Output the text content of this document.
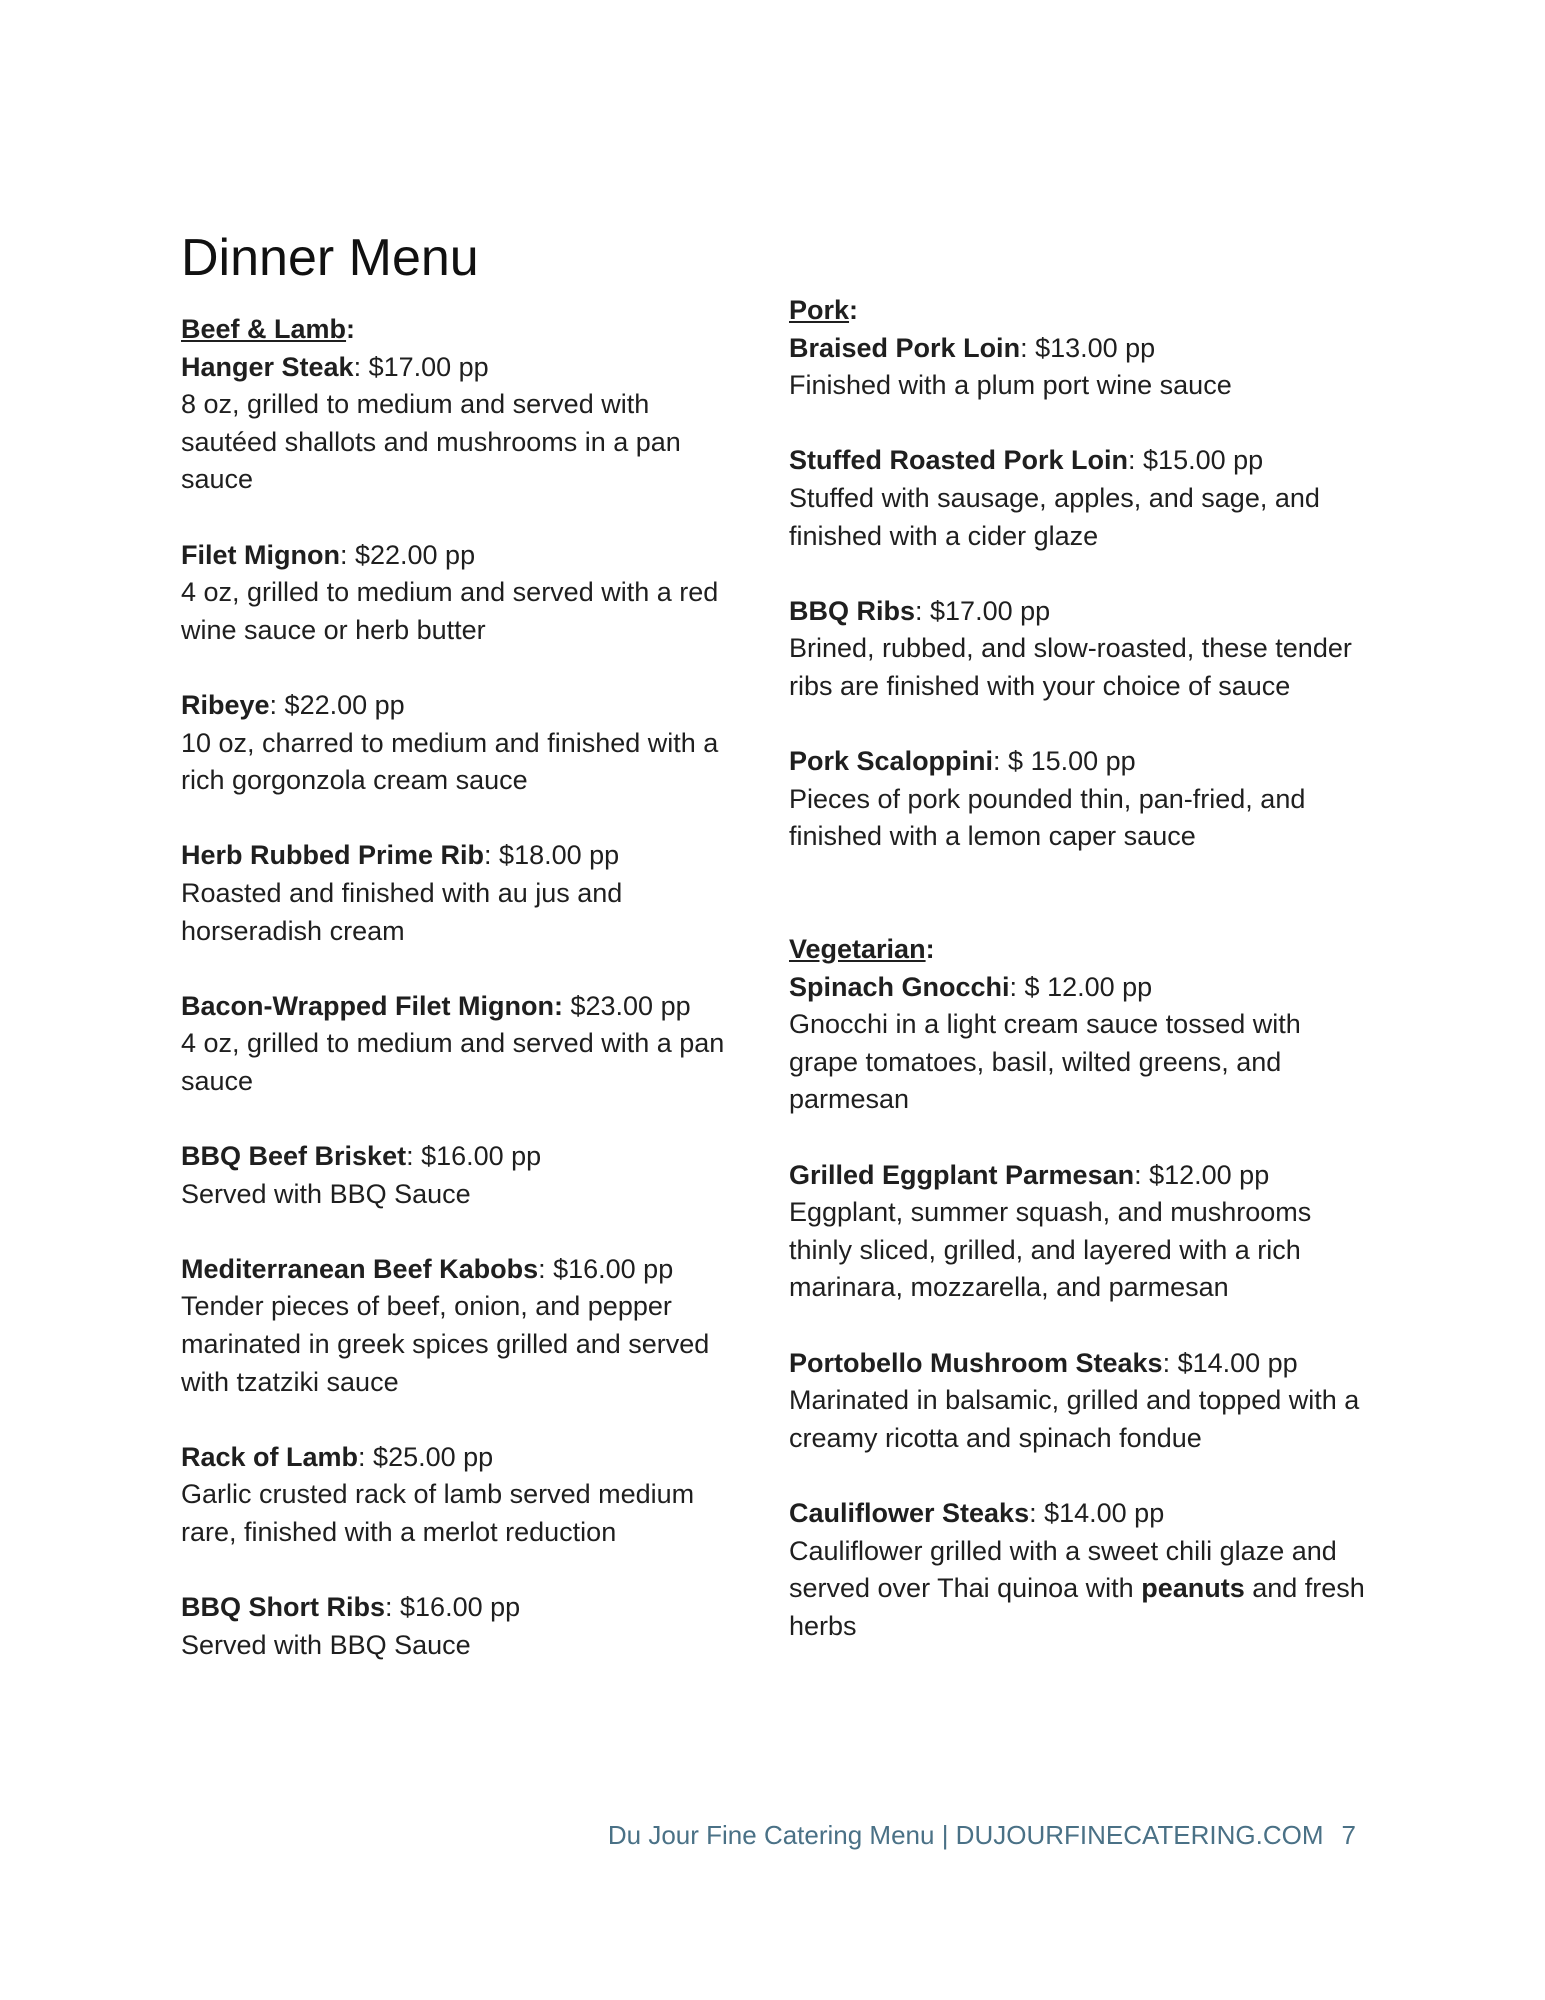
Dinner Menu

Beef & Lamb:

Hanger Steak: $17.00 pp
8 oz, grilled to medium and served with sautéed shallots and mushrooms in a pan sauce
Filet Mignon: $22.00 pp
4 oz, grilled to medium and served with a red wine sauce or herb butter
Ribeye: $22.00 pp
10 oz, charred to medium and finished with a rich gorgonzola cream sauce
Herb Rubbed Prime Rib: $18.00 pp
Roasted and finished with au jus and horseradish cream
Bacon-Wrapped Filet Mignon: $23.00 pp
4 oz, grilled to medium and served with a pan sauce
BBQ Beef Brisket: $16.00 pp
Served with BBQ Sauce
Mediterranean Beef Kabobs: $16.00 pp
Tender pieces of beef, onion, and pepper marinated in greek spices grilled and served with tzatziki sauce
Rack of Lamb: $25.00 pp
Garlic crusted rack of lamb served medium rare, finished with a merlot reduction
BBQ Short Ribs: $16.00 pp
Served with BBQ Sauce

Pork:

Braised Pork Loin: $13.00 pp
Finished with a plum port wine sauce
Stuffed Roasted Pork Loin: $15.00 pp
Stuffed with sausage, apples, and sage, and finished with a cider glaze
BBQ Ribs: $17.00 pp
Brined, rubbed, and slow-roasted, these tender ribs are finished with your choice of sauce
Pork Scaloppini: $ 15.00 pp
Pieces of pork pounded thin, pan-fried, and finished with a lemon caper sauce

Vegetarian:

Spinach Gnocchi: $ 12.00 pp
Gnocchi in a light cream sauce tossed with grape tomatoes, basil, wilted greens, and parmesan
Grilled Eggplant Parmesan: $12.00 pp
Eggplant, summer squash, and mushrooms thinly sliced, grilled, and layered with a rich marinara, mozzarella, and parmesan
Portobello Mushroom Steaks: $14.00 pp
Marinated in balsamic, grilled and topped with a creamy ricotta and spinach fondue
Cauliflower Steaks: $14.00 pp
Cauliflower grilled with a sweet chili glaze and served over Thai quinoa with peanuts and fresh herbs
Du Jour Fine Catering Menu | DUJOURFINECATERING.COM 7
